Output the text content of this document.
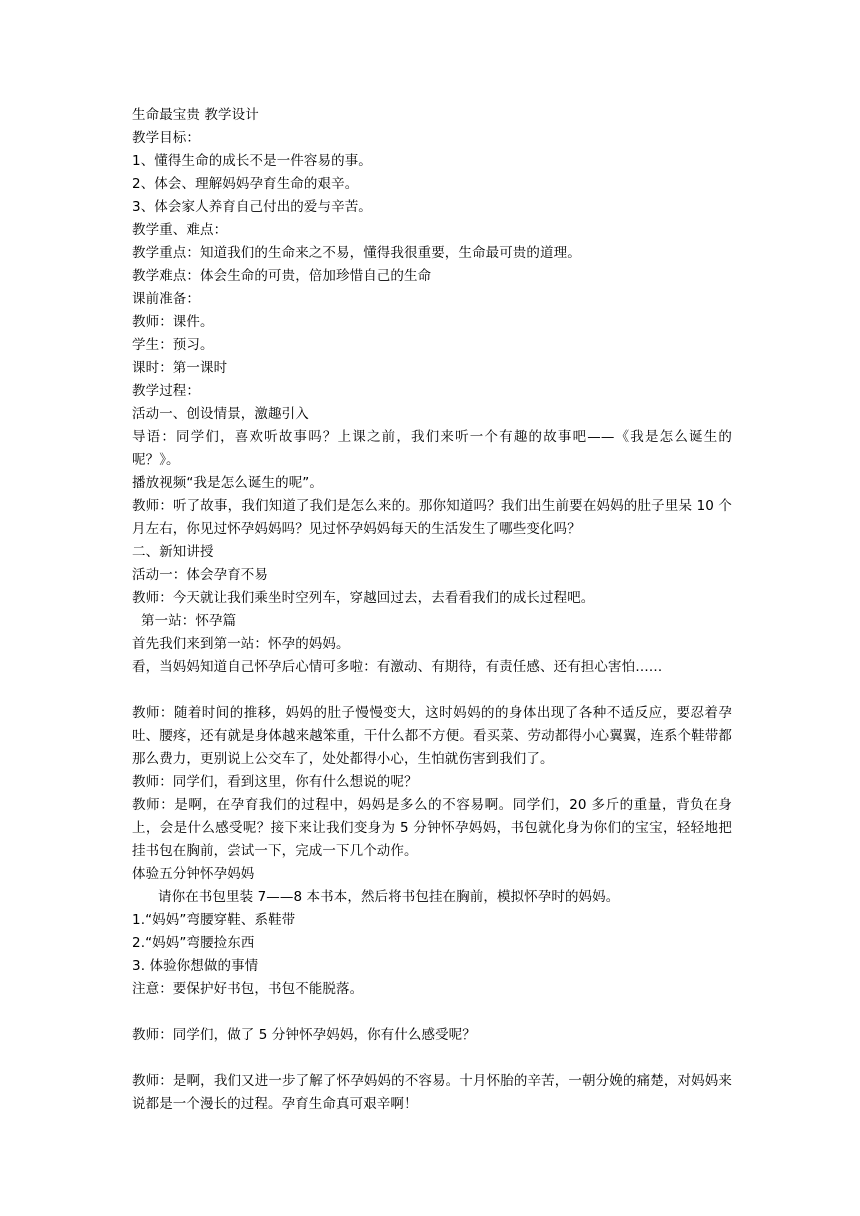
生命最宝贵 教学设计
教学目标：
1、懂得生命的成长不是一件容易的事。
2、体会、理解妈妈孕育生命的艰辛。
3、体会家人养育自己付出的爱与辛苦。
教学重、难点：
教学重点：知道我们的生命来之不易，懂得我很重要，生命最可贵的道理。
教学难点：体会生命的可贵，倍加珍惜自己的生命
课前准备：
教师：课件。
学生：预习。
课时：第一课时
教学过程：
活动一、创设情景，激趣引入
导语：同学们，喜欢听故事吗？上课之前，我们来听一个有趣的故事吧——《我是怎么诞生的呢？》。
播放视频“我是怎么诞生的呢”。
教师：听了故事，我们知道了我们是怎么来的。那你知道吗？我们出生前要在妈妈的肚子里呆 10 个月左右，你见过怀孕妈妈吗？见过怀孕妈妈每天的生活发生了哪些变化吗？
二、新知讲授
活动一：体会孕育不易
教师：今天就让我们乘坐时空列车，穿越回过去，去看看我们的成长过程吧。
第一站：怀孕篇
首先我们来到第一站：怀孕的妈妈。
看，当妈妈知道自己怀孕后心情可多啦：有激动、有期待，有责任感、还有担心害怕……
教师：随着时间的推移，妈妈的肚子慢慢变大，这时妈妈的的身体出现了各种不适反应，要忍着孕吐、腰疼，还有就是身体越来越笨重，干什么都不方便。看买菜、劳动都得小心翼翼，连系个鞋带都那么费力，更别说上公交车了，处处都得小心，生怕就伤害到我们了。
教师：同学们，看到这里，你有什么想说的呢？
教师：是啊，在孕育我们的过程中，妈妈是多么的不容易啊。同学们，20 多斤的重量，背负在身上，会是什么感受呢？接下来让我们变身为 5 分钟怀孕妈妈，书包就化身为你们的宝宝，轻轻地把挂书包在胸前，尝试一下，完成一下几个动作。
体验五分钟怀孕妈妈
请你在书包里装 7——8 本书本，然后将书包挂在胸前，模拟怀孕时的妈妈。
1.“妈妈”弯腰穿鞋、系鞋带
2.“妈妈”弯腰捡东西
3. 体验你想做的事情
注意：要保护好书包，书包不能脱落。
教师：同学们，做了 5 分钟怀孕妈妈，你有什么感受呢？
教师：是啊，我们又进一步了解了怀孕妈妈的不容易。十月怀胎的辛苦，一朝分娩的痛楚，对妈妈来说都是一个漫长的过程。孕育生命真可艰辛啊！
